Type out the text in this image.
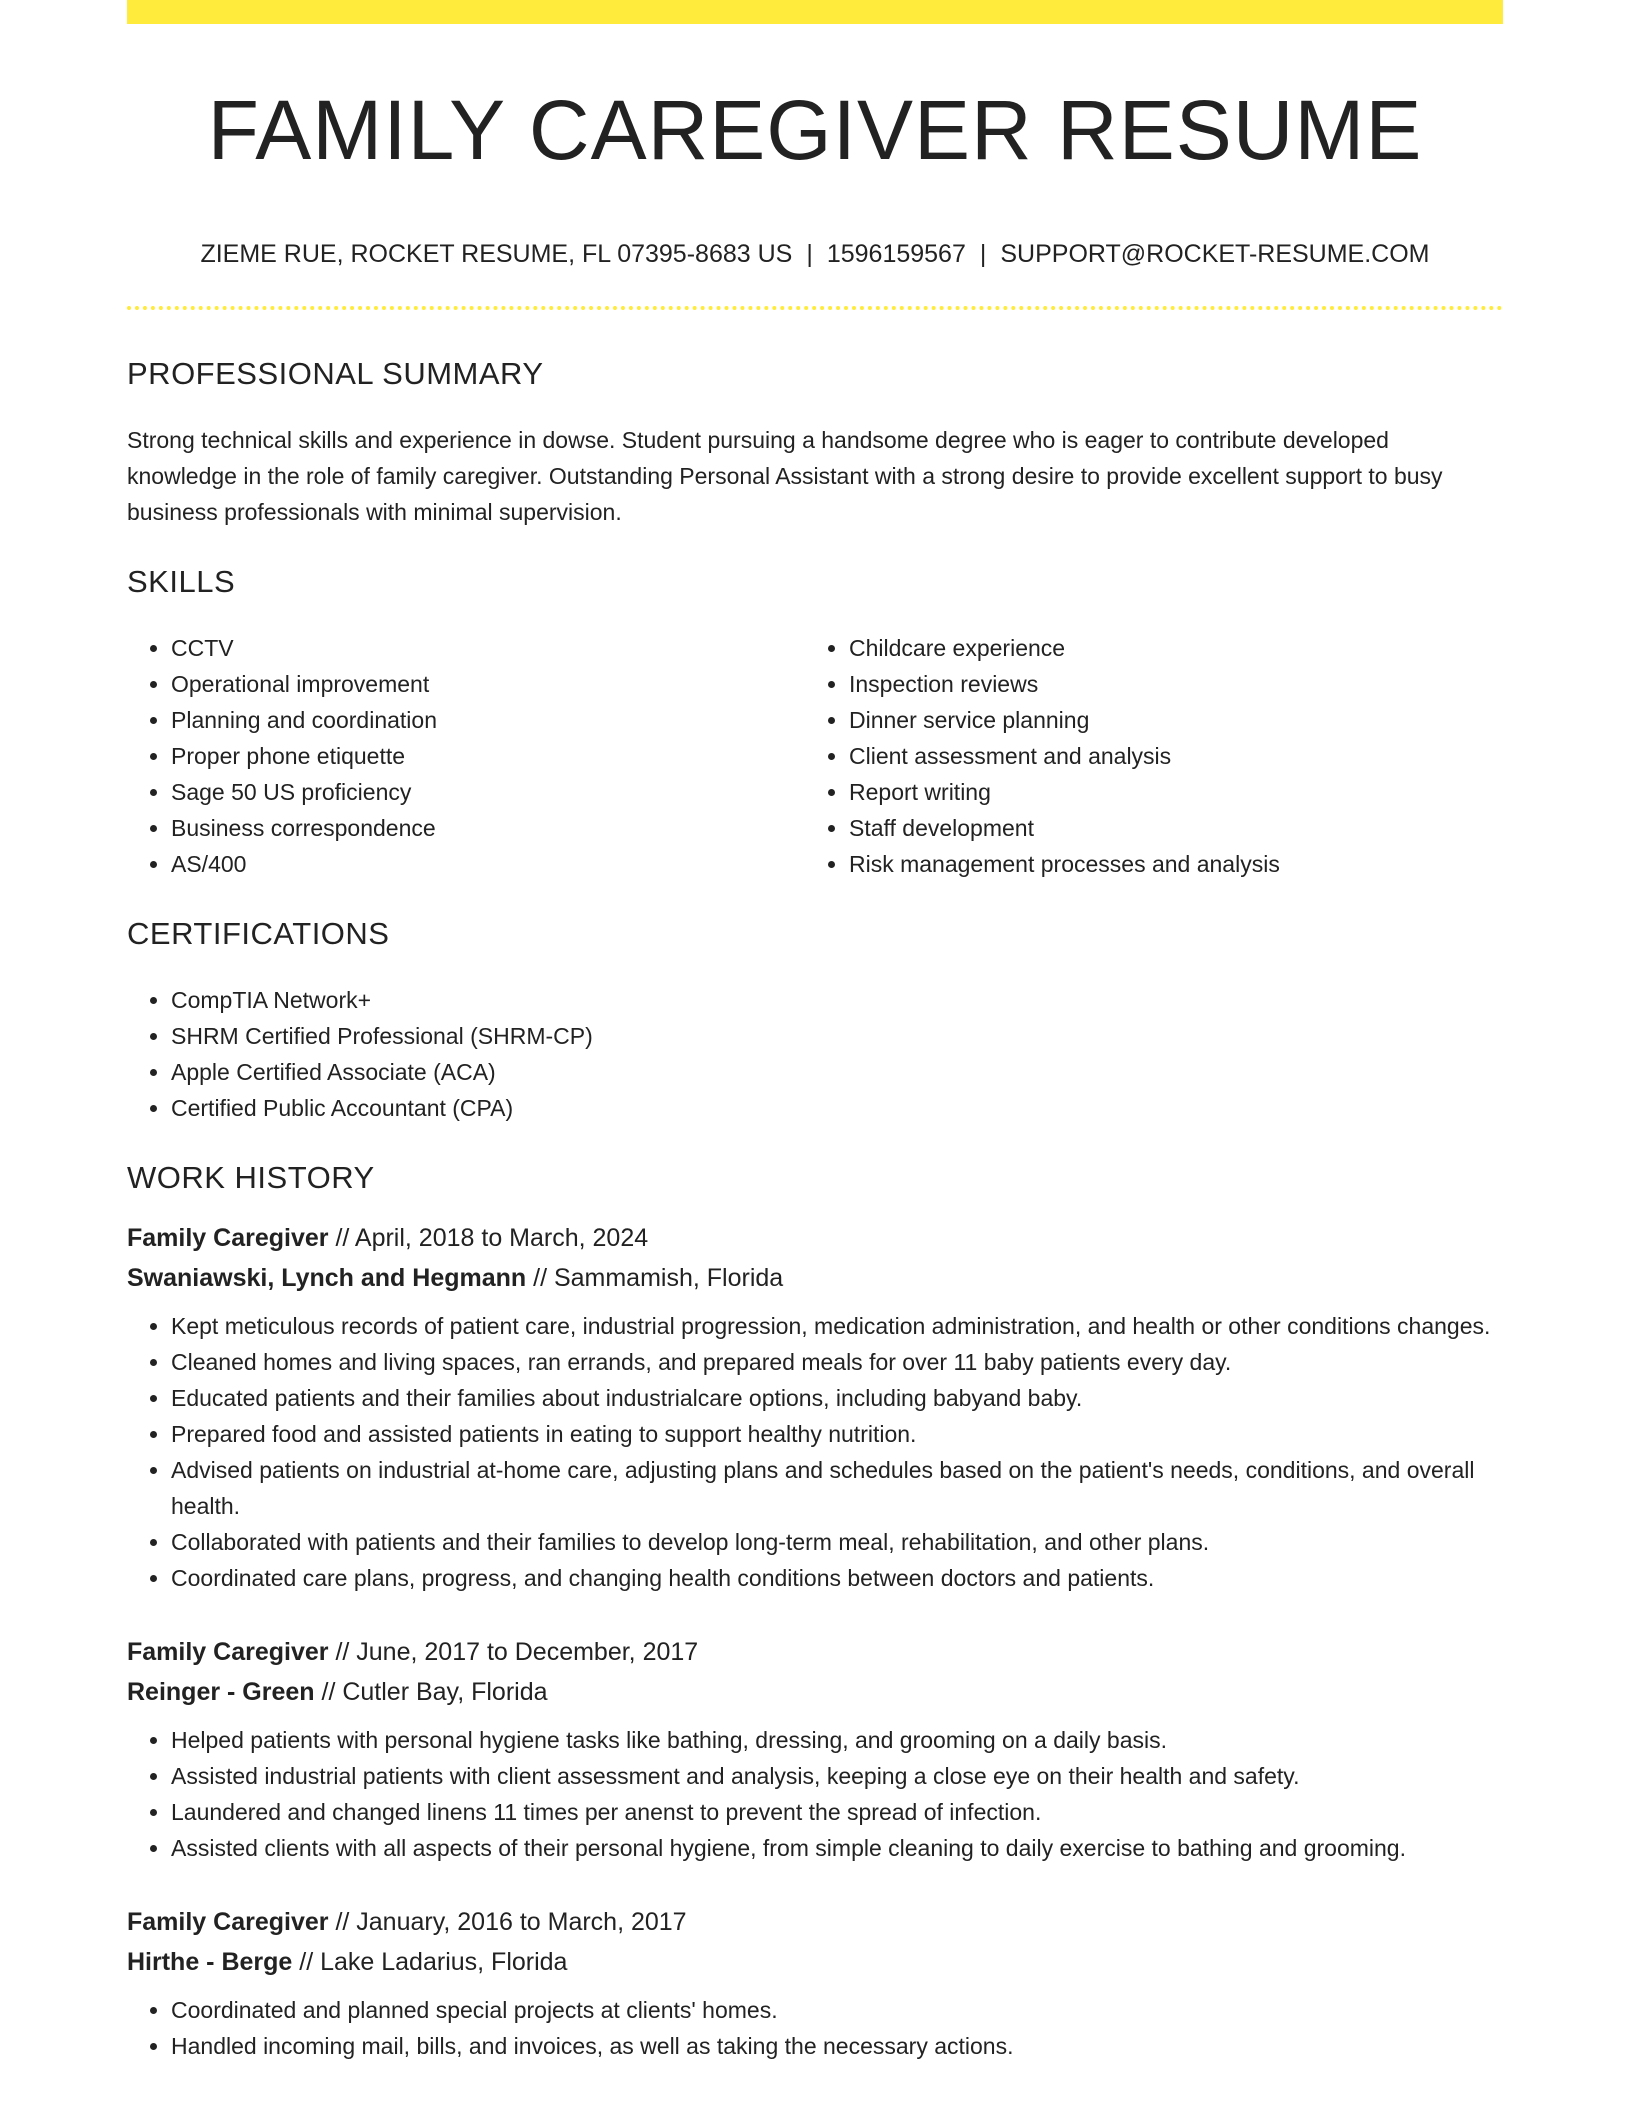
FAMILY CAREGIVER RESUME
ZIEME RUE, ROCKET RESUME, FL 07395-8683 US | 1596159567 | SUPPORT@ROCKET-RESUME.COM
PROFESSIONAL SUMMARY

Strong technical skills and experience in dowse. Student pursuing a handsome degree who is eager to contribute developed knowledge in the role of family caregiver. Outstanding Personal Assistant with a strong desire to provide excellent support to busy business professionals with minimal supervision.

SKILLS
• CCTV
• Operational improvement
• Planning and coordination
• Proper phone etiquette
• Sage 50 US proficiency
• Business correspondence
• AS/400
• Childcare experience
• Inspection reviews
• Dinner service planning
• Client assessment and analysis
• Report writing
• Staff development
• Risk management processes and analysis
CERTIFICATIONS
• CompTIA Network+
• SHRM Certified Professional (SHRM-CP)
• Apple Certified Associate (ACA)
• Certified Public Accountant (CPA)
WORK HISTORY
Family Caregiver // April, 2018 to March, 2024
Swaniawski, Lynch and Hegmann // Sammamish, Florida
• Kept meticulous records of patient care, industrial progression, medication administration, and health or other conditions changes.
• Cleaned homes and living spaces, ran errands, and prepared meals for over 11 baby patients every day.
• Educated patients and their families about industrialcare options, including babyand baby.
• Prepared food and assisted patients in eating to support healthy nutrition.
• Advised patients on industrial at-home care, adjusting plans and schedules based on the patient's needs, conditions, and overall health.
• Collaborated with patients and their families to develop long-term meal, rehabilitation, and other plans.
• Coordinated care plans, progress, and changing health conditions between doctors and patients.
Family Caregiver // June, 2017 to December, 2017
Reinger - Green // Cutler Bay, Florida
• Helped patients with personal hygiene tasks like bathing, dressing, and grooming on a daily basis.
• Assisted industrial patients with client assessment and analysis, keeping a close eye on their health and safety.
• Laundered and changed linens 11 times per anenst to prevent the spread of infection.
• Assisted clients with all aspects of their personal hygiene, from simple cleaning to daily exercise to bathing and grooming.
Family Caregiver // January, 2016 to March, 2017
Hirthe - Berge // Lake Ladarius, Florida
• Coordinated and planned special projects at clients' homes.
• Handled incoming mail, bills, and invoices, as well as taking the necessary actions.
